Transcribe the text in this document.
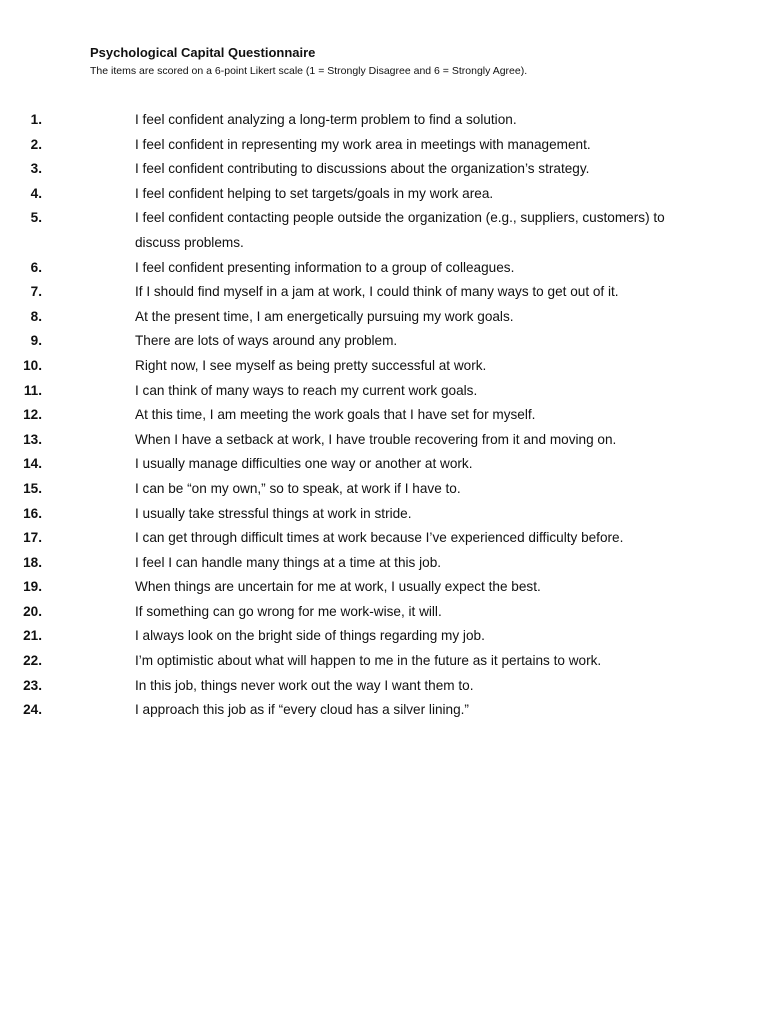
Psychological Capital Questionnaire

The items are scored on a 6-point Likert scale (1 = Strongly Disagree and 6 = Strongly Agree).

1.	I feel confident analyzing a long-term problem to find a solution.
2.	I feel confident in representing my work area in meetings with management.
3.	I feel confident contributing to discussions about the organization’s strategy.
4.	I feel confident helping to set targets/goals in my work area.
5.	I feel confident contacting people outside the organization (e.g., suppliers, customers) to discuss problems.
6.	I feel confident presenting information to a group of colleagues.
7.	If I should find myself in a jam at work, I could think of many ways to get out of it.
8.	At the present time, I am energetically pursuing my work goals.
9.	There are lots of ways around any problem.
10.	Right now, I see myself as being pretty successful at work.
11.	I can think of many ways to reach my current work goals.
12.	At this time, I am meeting the work goals that I have set for myself.
13.	When I have a setback at work, I have trouble recovering from it and moving on.
14.	I usually manage difficulties one way or another at work.
15.	I can be “on my own,” so to speak, at work if I have to.
16.	I usually take stressful things at work in stride.
17.	I can get through difficult times at work because I’ve experienced difficulty before.
18.	I feel I can handle many things at a time at this job.
19.	When things are uncertain for me at work, I usually expect the best.
20.	If something can go wrong for me work-wise, it will.
21.	I always look on the bright side of things regarding my job.
22.	I’m optimistic about what will happen to me in the future as it pertains to work.
23.	In this job, things never work out the way I want them to.
24.	I approach this job as if “every cloud has a silver lining.”
